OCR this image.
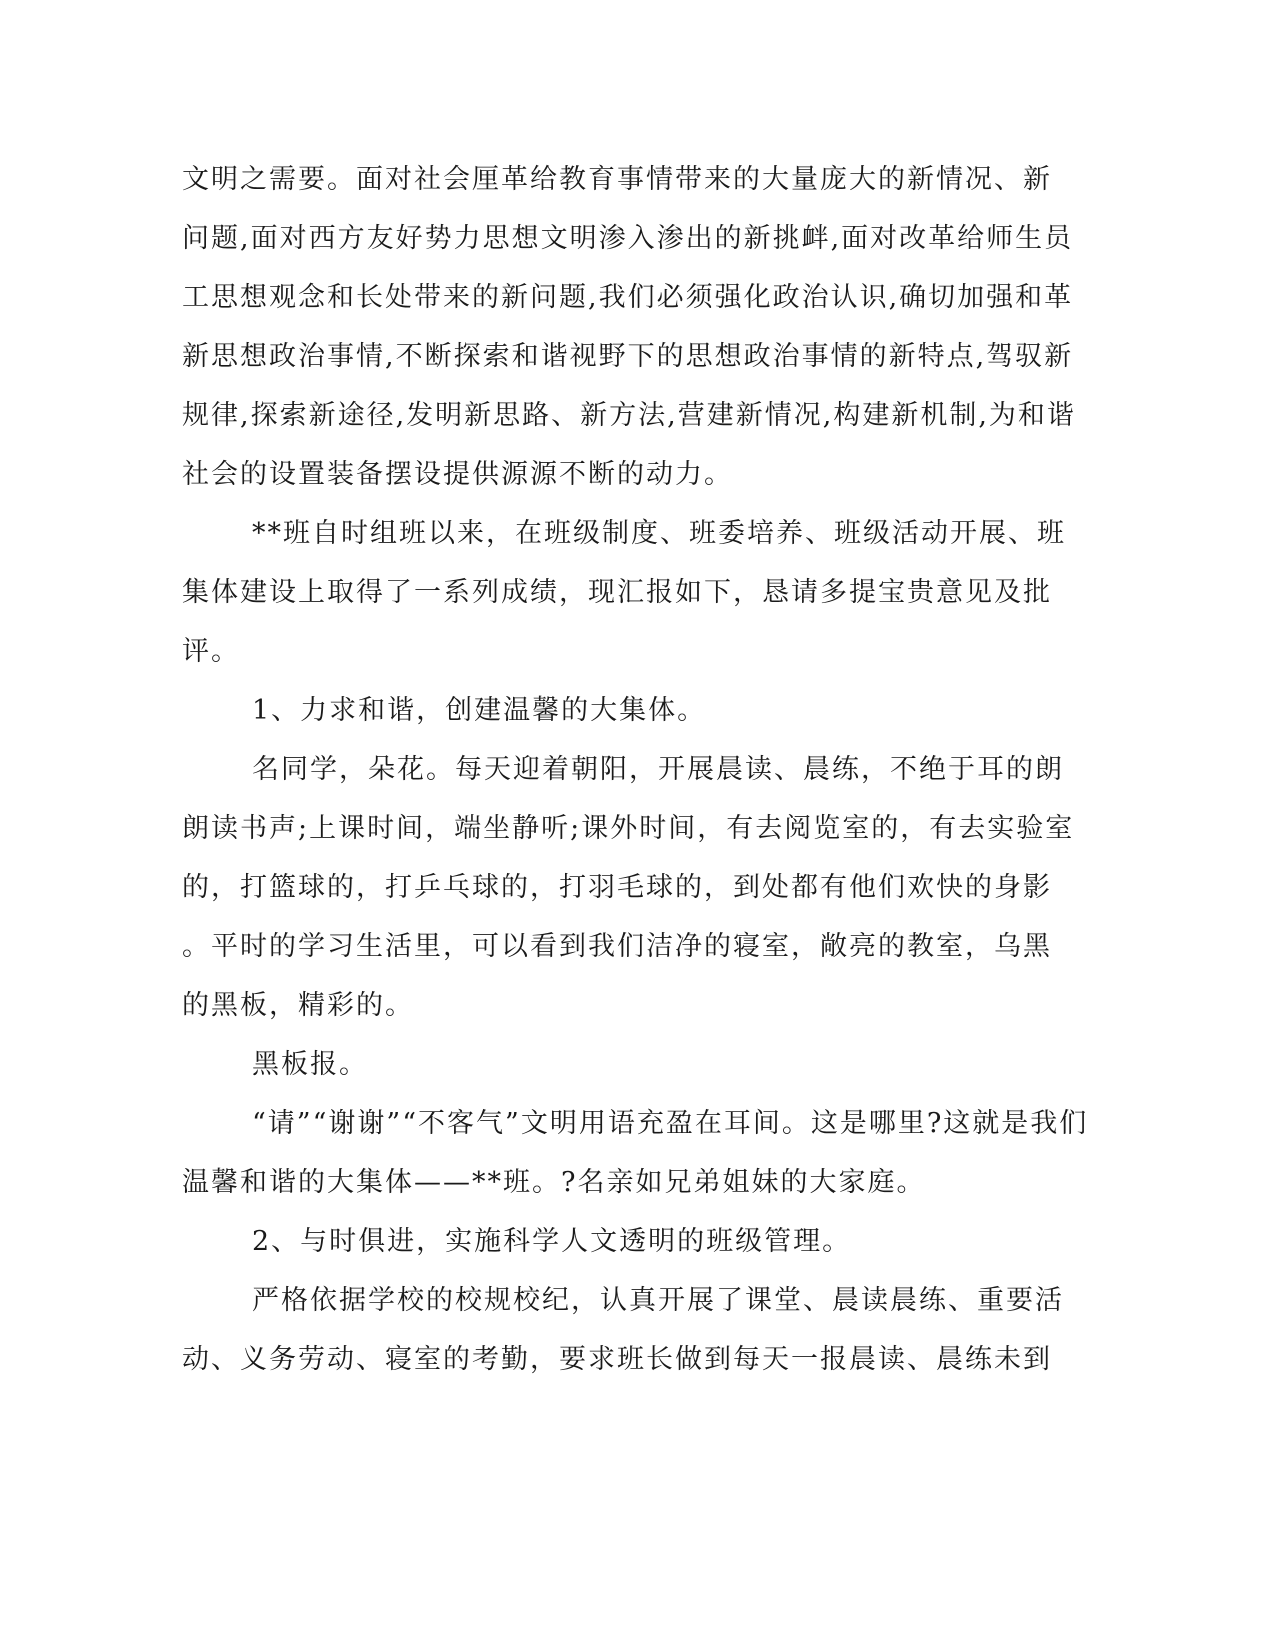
文明之需要。面对社会厘革给教育事情带来的大量庞大的新情况、新
问题,面对西方友好势力思想文明渗入渗出的新挑衅,面对改革给师生员
工思想观念和长处带来的新问题,我们必须强化政治认识,确切加强和革
新思想政治事情,不断探索和谐视野下的思想政治事情的新特点,驾驭新
规律,探索新途径,发明新思路、新方法,营建新情况,构建新机制,为和谐
社会的设置装备摆设提供源源不断的动力。
**班自时组班以来，在班级制度、班委培养、班级活动开展、班
集体建设上取得了一系列成绩，现汇报如下，恳请多提宝贵意见及批
评。
1、力求和谐，创建温馨的大集体。
名同学，朵花。每天迎着朝阳，开展晨读、晨练，不绝于耳的朗
朗读书声;上课时间，端坐静听;课外时间，有去阅览室的，有去实验室
的，打篮球的，打乒乓球的，打羽毛球的，到处都有他们欢快的身影
。平时的学习生活里，可以看到我们洁净的寝室，敞亮的教室，乌黑
的黑板，精彩的。
黑板报。
“请”“谢谢”“不客气”文明用语充盈在耳间。这是哪里?这就是我们
温馨和谐的大集体——**班。?名亲如兄弟姐妹的大家庭。
2、与时俱进，实施科学人文透明的班级管理。
严格依据学校的校规校纪，认真开展了课堂、晨读晨练、重要活
动、义务劳动、寝室的考勤，要求班长做到每天一报晨读、晨练未到
